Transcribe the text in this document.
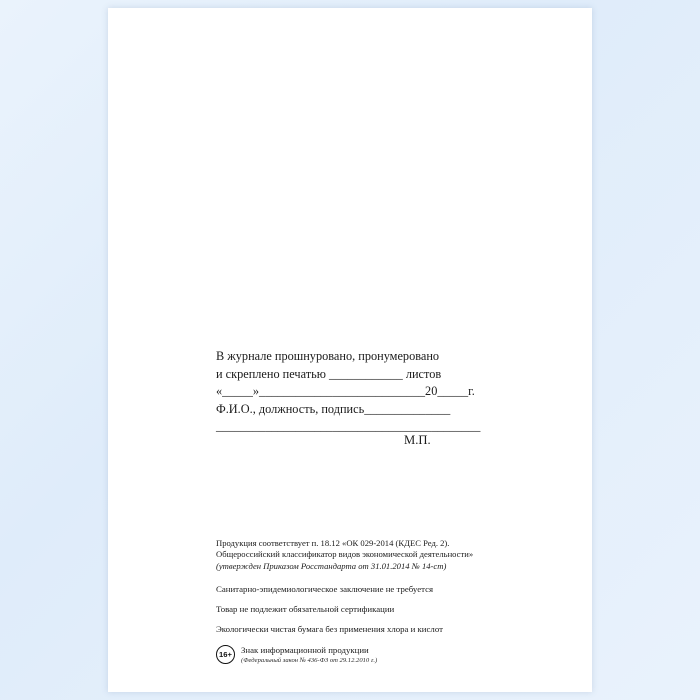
В журнале прошнуровано, пронумеровано
и скреплено печатью ____________ листов
«_____»___________________________20_____г.
Ф.И.О., должность, подпись______________
___________________________________________
М.П.
Продукция соответствует п. 18.12 «ОК 029-2014 (КДЕС Ред. 2).
Общероссийский классификатор видов экономической деятельности»
(утвержден Приказом Росстандарта от 31.01.2014 № 14-ст)
Санитарно-эпидемиологическое заключение не требуется
Товар не подлежит обязательной сертификации
Экологически чистая бумага без применения хлора и кислот
16+	Знак информационной продукции
(Федеральный закон № 436-ФЗ от 29.12.2010 г.)
